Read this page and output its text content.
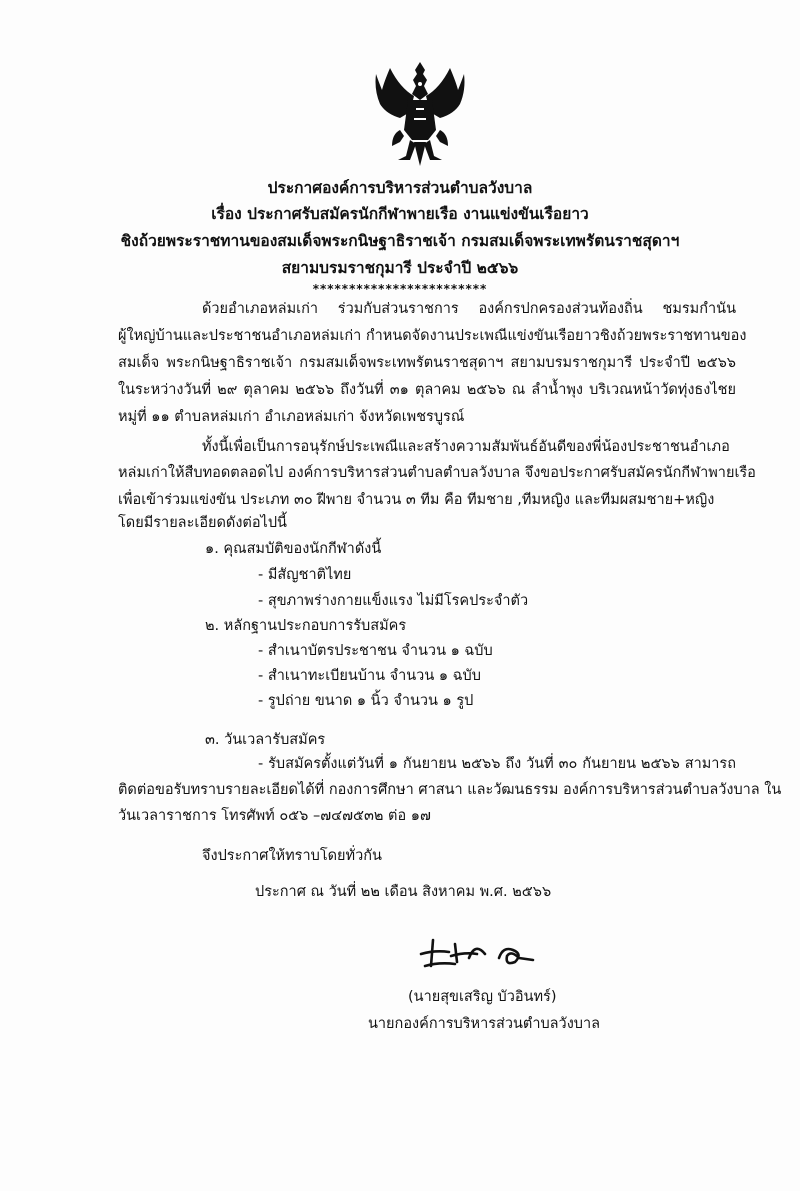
ประกาศองค์การบริหารส่วนตำบลวังบาล
เรื่อง ประกาศรับสมัครนักกีฬาพายเรือ งานแข่งขันเรือยาว
ชิงถ้วยพระราชทานของสมเด็จพระกนิษฐาธิราชเจ้า กรมสมเด็จพระเทพรัตนราชสุดาฯ
สยามบรมราชกุมารี ประจำปี ๒๕๖๖
************************
ด้วยอำเภอหล่มเก่า ร่วมกับส่วนราชการ องค์กรปกครองส่วนท้องถิ่น ชมรมกำนัน
ผู้ใหญ่บ้านและประชาชนอำเภอหล่มเก่า กำหนดจัดงานประเพณีแข่งขันเรือยาวชิงถ้วยพระราชทานของ
สมเด็จ พระกนิษฐาธิราชเจ้า กรมสมเด็จพระเทพรัตนราชสุดาฯ สยามบรมราชกุมารี ประจำปี ๒๕๖๖
ในระหว่างวันที่ ๒๙ ตุลาคม ๒๕๖๖ ถึงวันที่ ๓๑ ตุลาคม ๒๕๖๖ ณ ลำน้ำพุง บริเวณหน้าวัดทุ่งธงไชย
หมู่ที่ ๑๑ ตำบลหล่มเก่า อำเภอหล่มเก่า จังหวัดเพชรบูรณ์
ทั้งนี้เพื่อเป็นการอนุรักษ์ประเพณีและสร้างความสัมพันธ์อันดีของพี่น้องประชาชนอำเภอ
หล่มเก่าให้สืบทอดตลอดไป องค์การบริหารส่วนตำบลตำบลวังบาล จึงขอประกาศรับสมัครนักกีฬาพายเรือ
เพื่อเข้าร่วมแข่งขัน ประเภท ๓๐ ฝีพาย จำนวน ๓ ทีม คือ ทีมชาย ,ทีมหญิง และทีมผสมชาย+หญิง
โดยมีรายละเอียดดังต่อไปนี้
๑. คุณสมบัติของนักกีฬาดังนี้
- มีสัญชาติไทย
- สุขภาพร่างกายแข็งแรง ไม่มีโรคประจำตัว
๒. หลักฐานประกอบการรับสมัคร
- สำเนาบัตรประชาชน จำนวน ๑ ฉบับ
- สำเนาทะเบียนบ้าน จำนวน ๑ ฉบับ
- รูปถ่าย ขนาด ๑ นิ้ว จำนวน ๑ รูป
๓. วันเวลารับสมัคร
- รับสมัครตั้งแต่วันที่ ๑ กันยายน ๒๕๖๖ ถึง วันที่ ๓๐ กันยายน ๒๕๖๖ สามารถ
ติดต่อขอรับทราบรายละเอียดได้ที่ กองการศึกษา ศาสนา และวัฒนธรรม องค์การบริหารส่วนตำบลวังบาล ใน
วันเวลาราชการ โทรศัพท์ ๐๕๖ –๗๔๗๕๓๒ ต่อ ๑๗
จึงประกาศให้ทราบโดยทั่วกัน
ประกาศ ณ วันที่ ๒๒ เดือน สิงหาคม พ.ศ. ๒๕๖๖
(นายสุขเสริญ บัวอินทร์)
นายกองค์การบริหารส่วนตำบลวังบาล
